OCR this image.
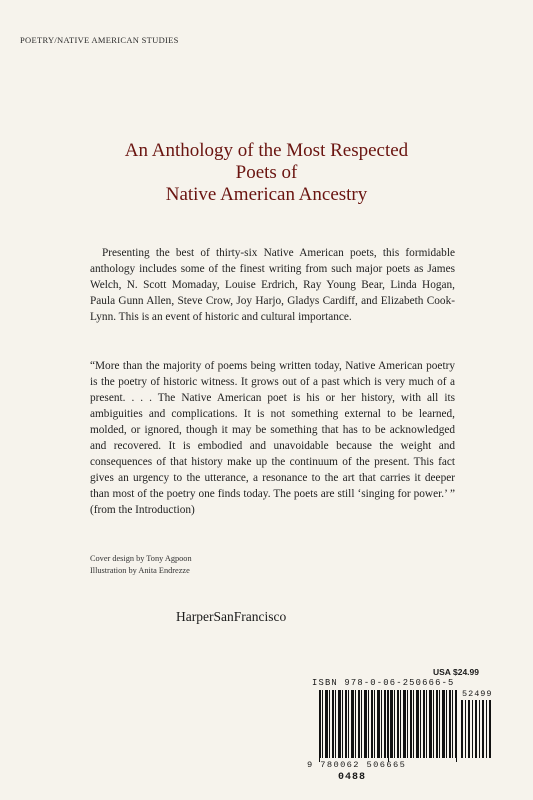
POETRY/NATIVE AMERICAN STUDIES
An Anthology of the Most Respected
Poets of
Native American Ancestry
Presenting the best of thirty-six Native American poets, this formidable anthology includes some of the finest writing from such major poets as James Welch, N. Scott Momaday, Louise Erdrich, Ray Young Bear, Linda Hogan, Paula Gunn Allen, Steve Crow, Joy Harjo, Gladys Cardiff, and Elizabeth Cook-Lynn. This is an event of historic and cultural importance.
“More than the majority of poems being written today, Native American poetry is the poetry of historic witness. It grows out of a past which is very much of a present. . . . The Native American poet is his or her history, with all its ambiguities and complications. It is not something external to be learned, molded, or ignored, though it may be something that has to be acknowledged and recovered. It is embodied and unavoidable because the weight and consequences of that history make up the continuum of the present. This fact gives an urgency to the utterance, a resonance to the art that carries it deeper than most of the poetry one finds today. The poets are still ‘singing for power.’ ” (from the Introduction)
Cover design by Tony Agpoon
Illustration by Anita Endrezze
HarperSanFrancisco
USA $24.99
ISBN 978-0-06-250666-5
52499
9 780062 506665
0488
